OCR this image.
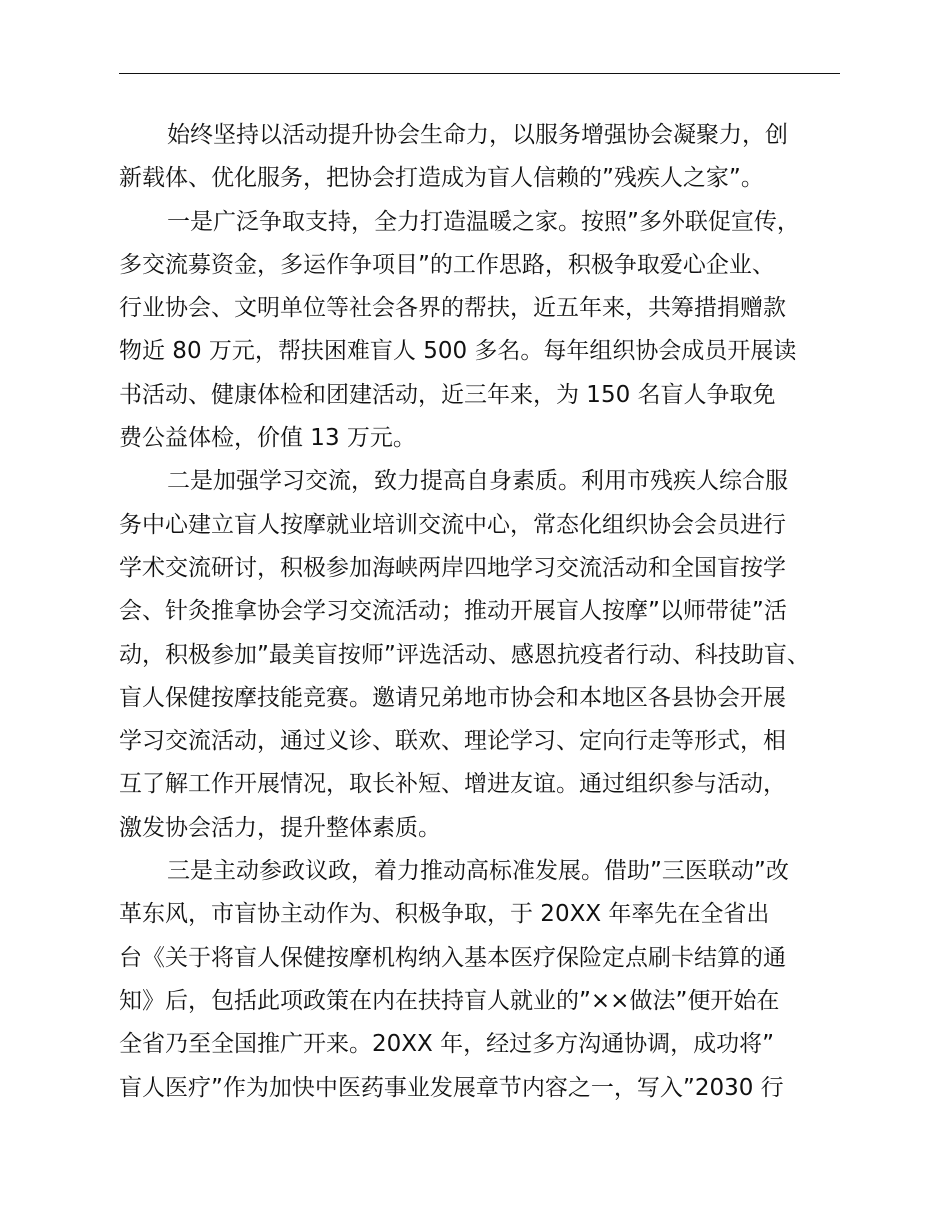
始终坚持以活动提升协会生命力，以服务增强协会凝聚力，创
新载体、优化服务，把协会打造成为盲人信赖的”残疾人之家”。
一是广泛争取支持，全力打造温暖之家。按照”多外联促宣传，
多交流募资金，多运作争项目”的工作思路，积极争取爱心企业、
行业协会、文明单位等社会各界的帮扶，近五年来，共筹措捐赠款
物近 80 万元，帮扶困难盲人 500 多名。每年组织协会成员开展读
书活动、健康体检和团建活动，近三年来，为 150 名盲人争取免
费公益体检，价值 13 万元。
二是加强学习交流，致力提高自身素质。利用市残疾人综合服
务中心建立盲人按摩就业培训交流中心，常态化组织协会会员进行
学术交流研讨，积极参加海峡两岸四地学习交流活动和全国盲按学
会、针灸推拿协会学习交流活动；推动开展盲人按摩”以师带徒”活
动，积极参加”最美盲按师”评选活动、感恩抗疫者行动、科技助盲、
盲人保健按摩技能竞赛。邀请兄弟地市协会和本地区各县协会开展
学习交流活动，通过义诊、联欢、理论学习、定向行走等形式，相
互了解工作开展情况，取长补短、增进友谊。通过组织参与活动，
激发协会活力，提升整体素质。
三是主动参政议政，着力推动高标准发展。借助”三医联动”改
革东风，市盲协主动作为、积极争取，于 20XX 年率先在全省出
台《关于将盲人保健按摩机构纳入基本医疗保险定点刷卡结算的通
知》后，包括此项政策在内在扶持盲人就业的”××做法”便开始在
全省乃至全国推广开来。20XX 年，经过多方沟通协调，成功将”
盲人医疗”作为加快中医药事业发展章节内容之一，写入”2030 行
